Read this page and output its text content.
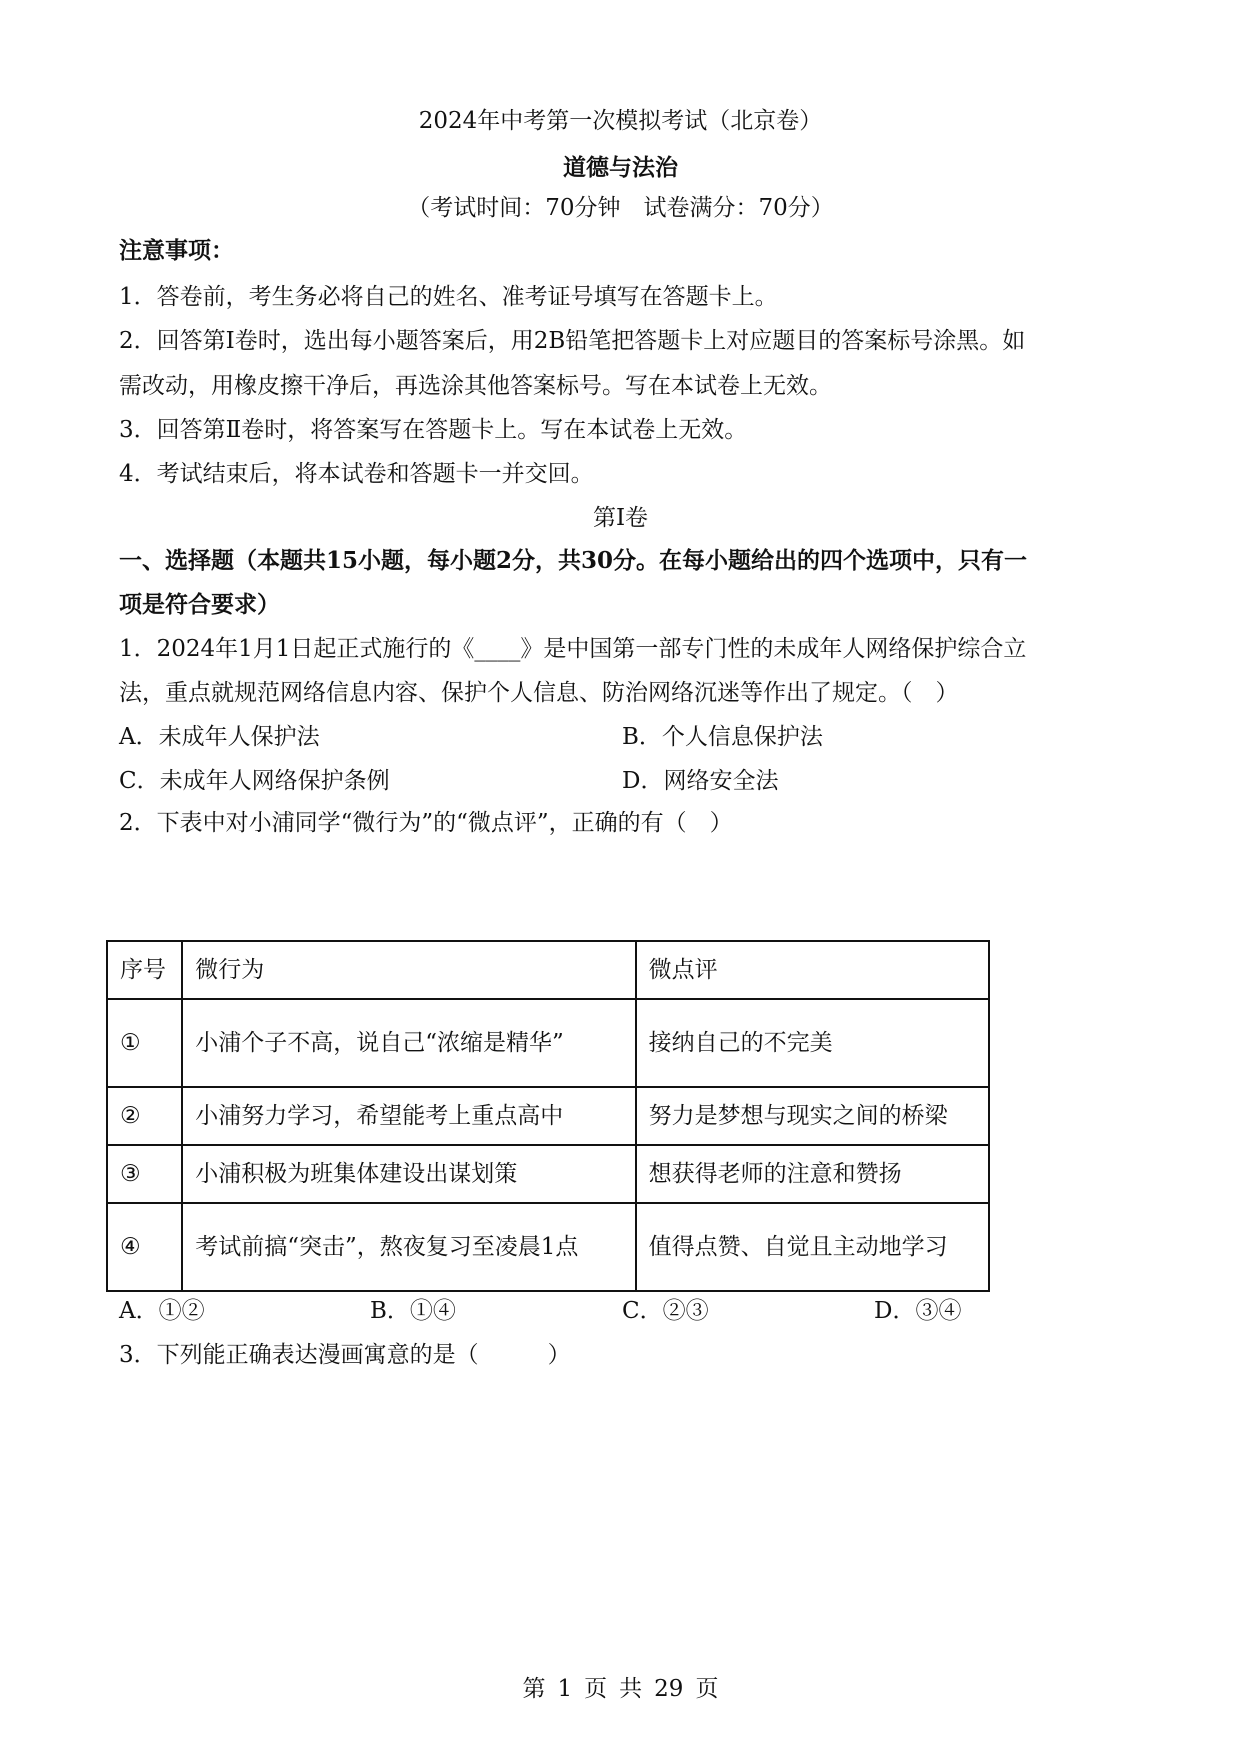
2024年中考第一次模拟考试（北京卷）
道德与法治
（考试时间：70分钟　试卷满分：70分）
注意事项：
1．答卷前，考生务必将自己的姓名、准考证号填写在答题卡上。
2．回答第Ⅰ卷时，选出每小题答案后，用2B铅笔把答题卡上对应题目的答案标号涂黑。如
需改动，用橡皮擦干净后，再选涂其他答案标号。写在本试卷上无效。
3．回答第Ⅱ卷时，将答案写在答题卡上。写在本试卷上无效。
4．考试结束后，将本试卷和答题卡一并交回。
第Ⅰ卷
一、选择题（本题共15小题，每小题2分，共30分。在每小题给出的四个选项中，只有一
项是符合要求）
1．2024年1月1日起正式施行的《____》是中国第一部专门性的未成年人网络保护综合立
法，重点就规范网络信息内容、保护个人信息、防治网络沉迷等作出了规定。（　）
A．未成年人保护法	B．个人信息保护法
C．未成年人网络保护条例	D．网络安全法
2．下表中对小浦同学“微行为”的“微点评”，正确的有（　）
序号	微行为	微点评
①	小浦个子不高，说自己“浓缩是精华”	接纳自己的不完美
②	小浦努力学习，希望能考上重点高中	努力是梦想与现实之间的桥梁
③	小浦积极为班集体建设出谋划策	想获得老师的注意和赞扬
④	考试前搞“突击”，熬夜复习至凌晨1点	值得点赞、自觉且主动地学习
A．①②	B．①④	C．②③	D．③④
3．下列能正确表达漫画寓意的是（　　　）
第 1 页 共 29 页
